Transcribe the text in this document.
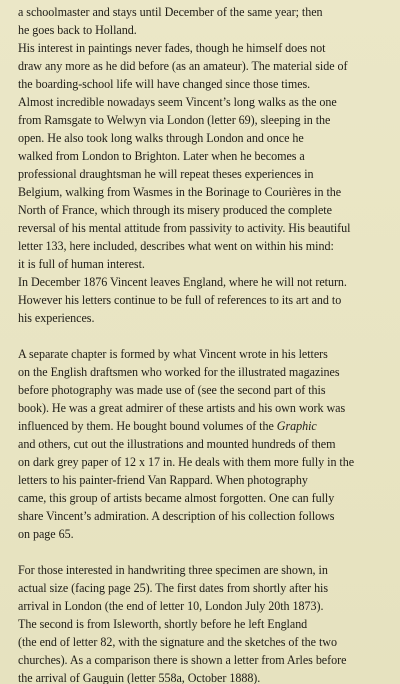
a schoolmaster and stays until December of the same year; then
he goes back to Holland.
His interest in paintings never fades, though he himself does not
draw any more as he did before (as an amateur). The material side of
the boarding-school life will have changed since those times.
Almost incredible nowadays seem Vincent’s long walks as the one
from Ramsgate to Welwyn via London (letter 69), sleeping in the
open. He also took long walks through London and once he
walked from London to Brighton. Later when he becomes a
professional draughtsman he will repeat theses experiences in
Belgium, walking from Wasmes in the Borinage to Courières in the
North of France, which through its misery produced the complete
reversal of his mental attitude from passivity to activity. His beautiful
letter 133, here included, describes what went on within his mind:
it is full of human interest.
In December 1876 Vincent leaves England, where he will not return.
However his letters continue to be full of references to its art and to
his experiences.
A separate chapter is formed by what Vincent wrote in his letters
on the English draftsmen who worked for the illustrated magazines
before photography was made use of (see the second part of this
book). He was a great admirer of these artists and his own work was
influenced by them. He bought bound volumes of the Graphic
and others, cut out the illustrations and mounted hundreds of them
on dark grey paper of 12 x 17 in. He deals with them more fully in the
letters to his painter-friend Van Rappard. When photography
came, this group of artists became almost forgotten. One can fully
share Vincent’s admiration. A description of his collection follows
on page 65.
For those interested in handwriting three specimen are shown, in
actual size (facing page 25). The first dates from shortly after his
arrival in London (the end of letter 10, London July 20th 1873).
The second is from Isleworth, shortly before he left England
(the end of letter 82, with the signature and the sketches of the two
churches). As a comparison there is shown a letter from Arles before
the arrival of Gauguin (letter 558a, October 1888).
